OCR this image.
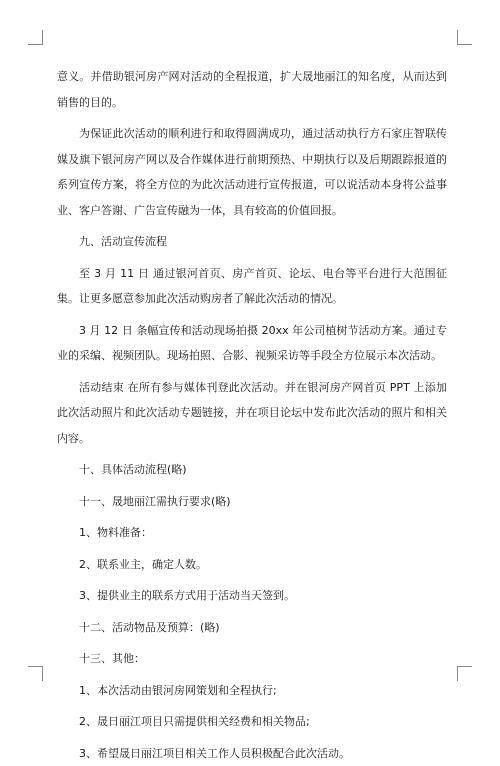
意义。并借助银河房产网对活动的全程报道，扩大晟地丽江的知名度，从而达到销售的目的。

为保证此次活动的顺利进行和取得圆满成功，通过活动执行方石家庄智联传媒及旗下银河房产网以及合作媒体进行前期预热、中期执行以及后期跟踪报道的系列宣传方案，将全方位的为此次活动进行宣传报道，可以说活动本身将公益事业、客户答谢、广告宣传融为一体，具有较高的价值回报。

九、活动宣传流程

至 3 月 11 日 通过银河首页、房产首页、论坛、电台等平台进行大范围征集。让更多愿意参加此次活动购房者了解此次活动的情况。

3 月 12 日 条幅宣传和活动现场拍摄 20xx 年公司植树节活动方案。通过专业的采编、视频团队。现场拍照、合影、视频采访等手段全方位展示本次活动。

活动结束 在所有参与媒体刊登此次活动。并在银河房产网首页 PPT 上添加此次活动照片和此次活动专题链接，并在项目论坛中发布此次活动的照片和相关内容。

十、具体活动流程(略)

十一、晟地丽江需执行要求(略)

1、物料准备：

2、联系业主，确定人数。

3、提供业主的联系方式用于活动当天签到。

十二、活动物品及预算：(略)

十三、其他：

1、本次活动由银河房网策划和全程执行;

2、晟日丽江项目只需提供相关经费和相关物品;

3、希望晟日丽江项目相关工作人员积极配合此次活动。
